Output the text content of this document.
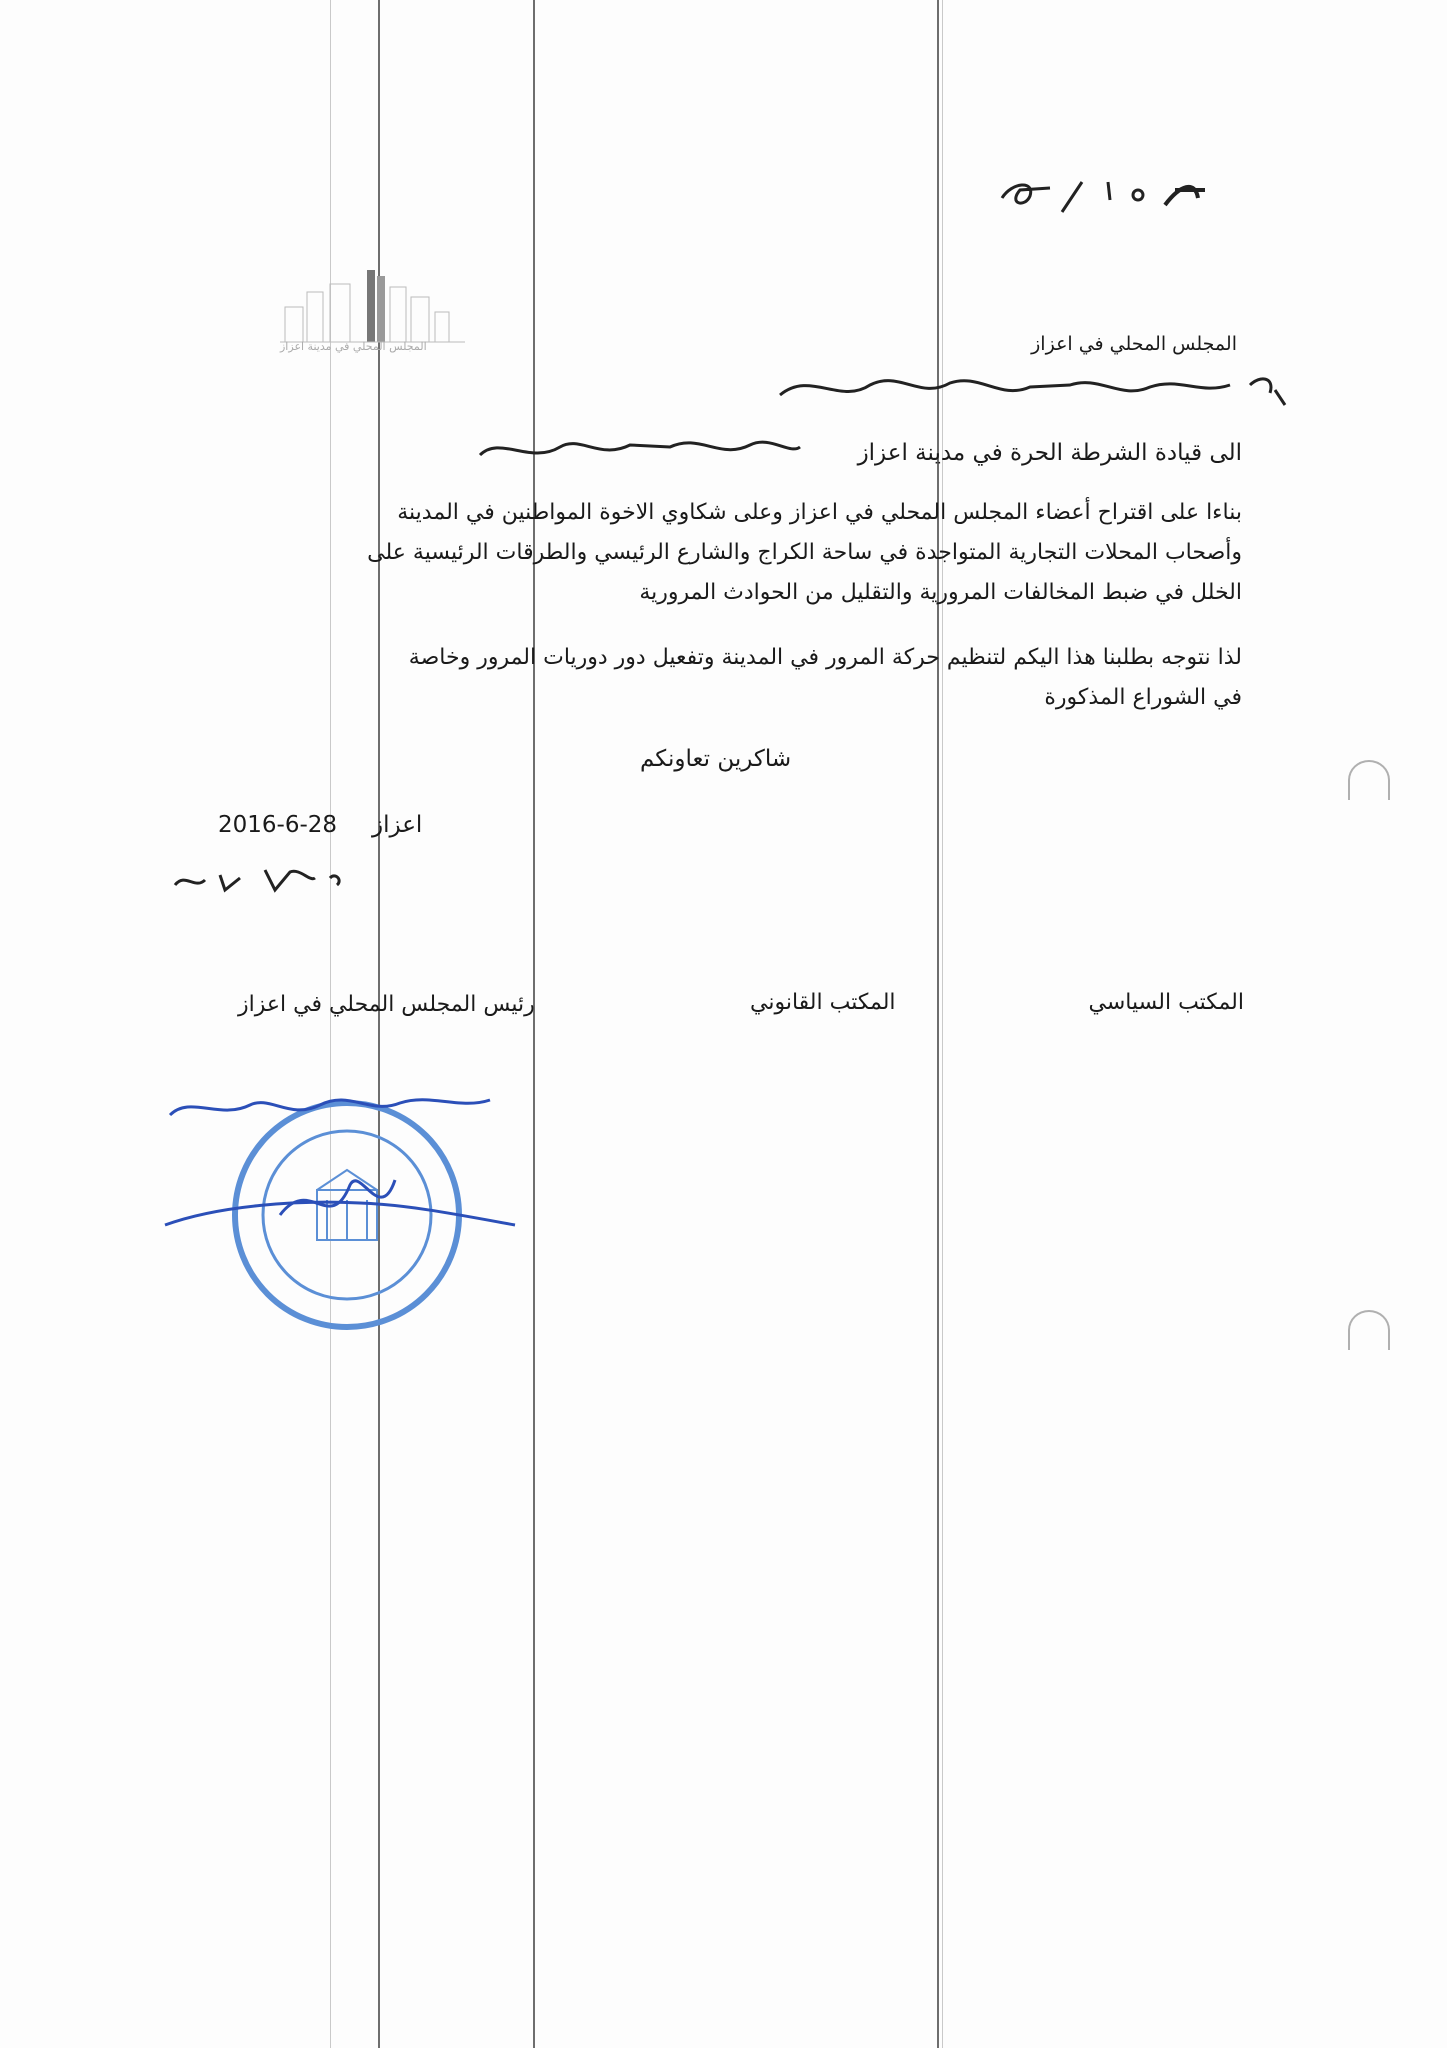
المجلس المحلي في مدينة اعزاز	المجلس المحلي في اعزاز
الى قيادة الشرطة الحرة في مدينة اعزاز
بناءا على اقتراح أعضاء المجلس المحلي في اعزاز وعلى شكاوي الاخوة المواطنين في المدينة
وأصحاب المحلات التجارية المتواجدة في ساحة الكراج والشارع الرئيسي والطرقات الرئيسية على
الخلل في ضبط المخالفات المرورية والتقليل من الحوادث المرورية
لذا نتوجه بطلبنا هذا اليكم لتنظيم حركة المرور في المدينة وتفعيل دور دوريات المرور وخاصة
في الشوراع المذكورة
شاكرين تعاونكم
اعزاز
2016-6-28
المكتب السياسي
المكتب القانوني
رئيس المجلس المحلي في اعزاز
